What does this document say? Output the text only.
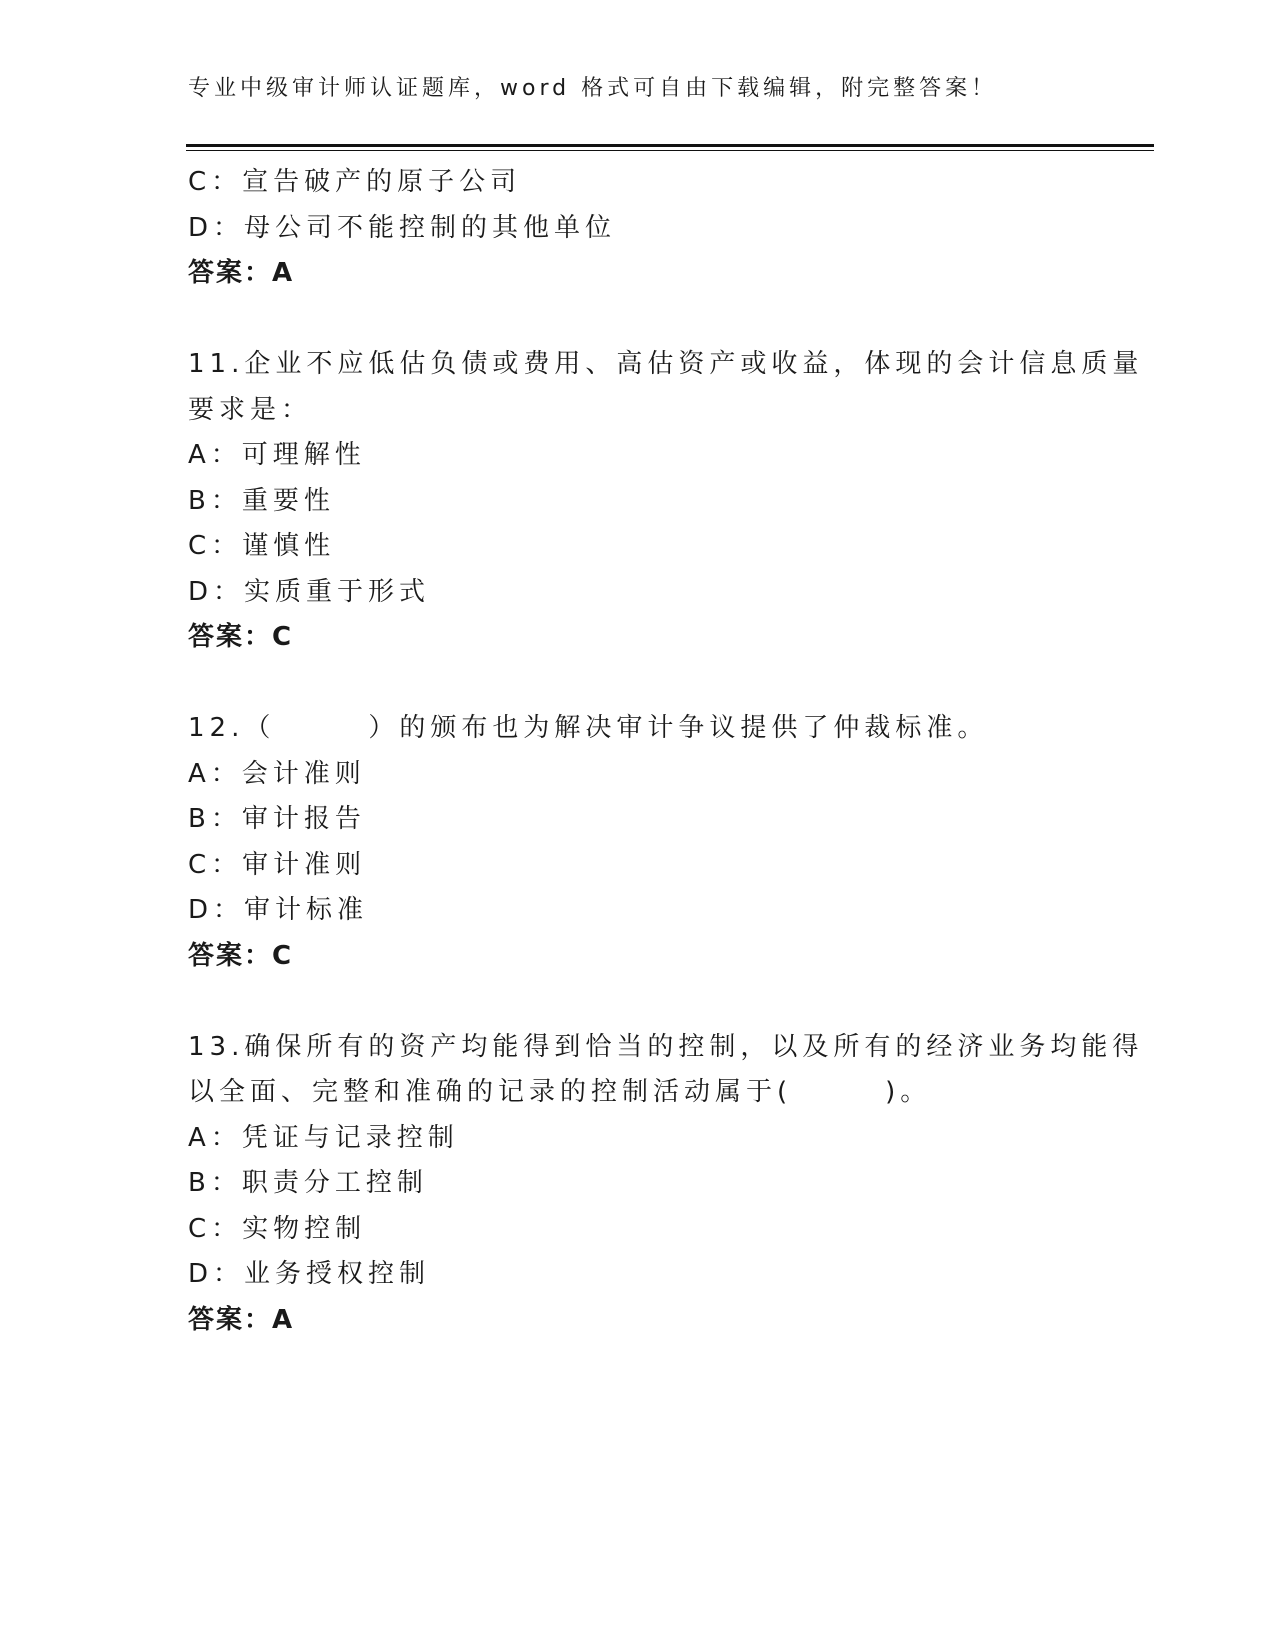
专业中级审计师认证题库，word 格式可自由下载编辑，附完整答案！
C：宣告破产的原子公司
D：母公司不能控制的其他单位
答案：A
11.企业不应低估负债或费用、高估资产或收益，体现的会计信息质量
要求是：
A：可理解性
B：重要性
C：谨慎性
D：实质重于形式
答案：C
12.（　　　）的颁布也为解决审计争议提供了仲裁标准。
A：会计准则
B：审计报告
C：审计准则
D：审计标准
答案：C
13.确保所有的资产均能得到恰当的控制，以及所有的经济业务均能得
以全面、完整和准确的记录的控制活动属于(　　　)。
A：凭证与记录控制
B：职责分工控制
C：实物控制
D：业务授权控制
答案：A
